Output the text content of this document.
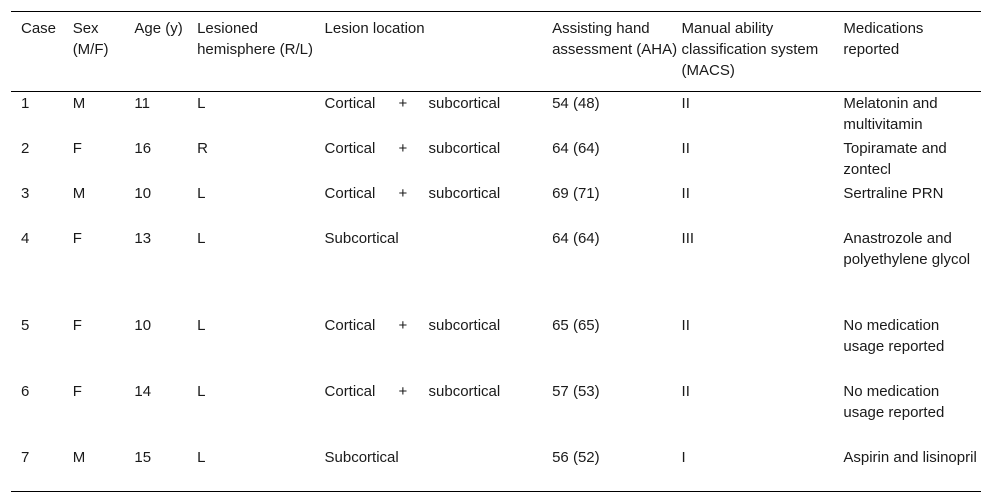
Case	Sex (M/F)	Age (y)	Lesioned hemisphere (R/L)	Lesion location	Assisting hand assessment (AHA)	Manual ability classification system (MACS)	Medications reported
1	M	11	L	Cortical + subcortical	54 (48)	II	Melatonin and multivitamin
2	F	16	R	Cortical + subcortical	64 (64)	II	Topiramate and zontecl
3	M	10	L	Cortical + subcortical	69 (71)	II	Sertraline PRN
4	F	13	L	Subcortical	64 (64)	III	Anastrozole and polyethylene glycol
5	F	10	L	Cortical + subcortical	65 (65)	II	No medication usage reported
6	F	14	L	Cortical + subcortical	57 (53)	II	No medication usage reported
7	M	15	L	Subcortical	56 (52)	I	Aspirin and lisinopril
